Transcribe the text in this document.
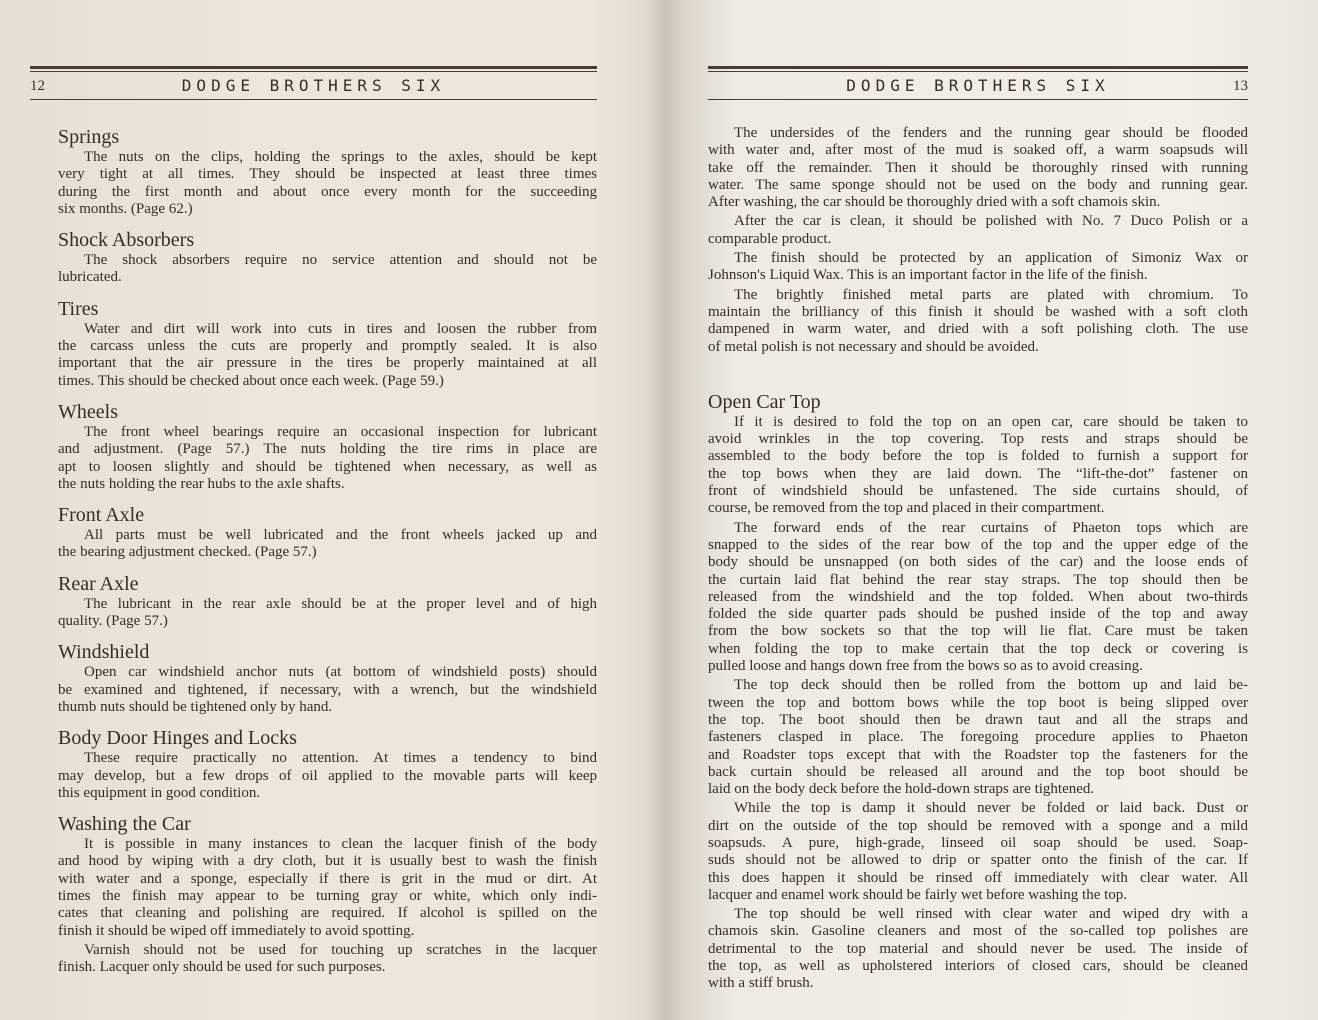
12	DODGE BROTHERS SIX
Springs
The nuts on the clips, holding the springs to the axles, should be kept
very tight at all times. They should be inspected at least three times
during the first month and about once every month for the succeeding
six months. (Page 62.)
Shock Absorbers
The shock absorbers require no service attention and should not be
lubricated.
Tires
Water and dirt will work into cuts in tires and loosen the rubber from
the carcass unless the cuts are properly and promptly sealed. It is also
important that the air pressure in the tires be properly maintained at all
times. This should be checked about once each week. (Page 59.)
Wheels
The front wheel bearings require an occasional inspection for lubricant
and adjustment. (Page 57.) The nuts holding the tire rims in place are
apt to loosen slightly and should be tightened when necessary, as well as
the nuts holding the rear hubs to the axle shafts.
Front Axle
All parts must be well lubricated and the front wheels jacked up and
the bearing adjustment checked. (Page 57.)
Rear Axle
The lubricant in the rear axle should be at the proper level and of high
quality. (Page 57.)
Windshield
Open car windshield anchor nuts (at bottom of windshield posts) should
be examined and tightened, if necessary, with a wrench, but the windshield
thumb nuts should be tightened only by hand.
Body Door Hinges and Locks
These require practically no attention. At times a tendency to bind
may develop, but a few drops of oil applied to the movable parts will keep
this equipment in good condition.
Washing the Car
It is possible in many instances to clean the lacquer finish of the body
and hood by wiping with a dry cloth, but it is usually best to wash the finish
with water and a sponge, especially if there is grit in the mud or dirt. At
times the finish may appear to be turning gray or white, which only indi-
cates that cleaning and polishing are required. If alcohol is spilled on the
finish it should be wiped off immediately to avoid spotting.
Varnish should not be used for touching up scratches in the lacquer
finish. Lacquer only should be used for such purposes.
DODGE BROTHERS SIX	13
The undersides of the fenders and the running gear should be flooded
with water and, after most of the mud is soaked off, a warm soapsuds will
take off the remainder. Then it should be thoroughly rinsed with running
water. The same sponge should not be used on the body and running gear.
After washing, the car should be thoroughly dried with a soft chamois skin.
After the car is clean, it should be polished with No. 7 Duco Polish or a
comparable product.
The finish should be protected by an application of Simoniz Wax or
Johnson's Liquid Wax. This is an important factor in the life of the finish.
The brightly finished metal parts are plated with chromium. To
maintain the brilliancy of this finish it should be washed with a soft cloth
dampened in warm water, and dried with a soft polishing cloth. The use
of metal polish is not necessary and should be avoided.
Open Car Top
If it is desired to fold the top on an open car, care should be taken to
avoid wrinkles in the top covering. Top rests and straps should be
assembled to the body before the top is folded to furnish a support for
the top bows when they are laid down. The “lift-the-dot” fastener on
front of windshield should be unfastened. The side curtains should, of
course, be removed from the top and placed in their compartment.
The forward ends of the rear curtains of Phaeton tops which are
snapped to the sides of the rear bow of the top and the upper edge of the
body should be unsnapped (on both sides of the car) and the loose ends of
the curtain laid flat behind the rear stay straps. The top should then be
released from the windshield and the top folded. When about two-thirds
folded the side quarter pads should be pushed inside of the top and away
from the bow sockets so that the top will lie flat. Care must be taken
when folding the top to make certain that the top deck or covering is
pulled loose and hangs down free from the bows so as to avoid creasing.
The top deck should then be rolled from the bottom up and laid be-
tween the top and bottom bows while the top boot is being slipped over
the top. The boot should then be drawn taut and all the straps and
fasteners clasped in place. The foregoing procedure applies to Phaeton
and Roadster tops except that with the Roadster top the fasteners for the
back curtain should be released all around and the top boot should be
laid on the body deck before the hold-down straps are tightened.
While the top is damp it should never be folded or laid back. Dust or
dirt on the outside of the top should be removed with a sponge and a mild
soapsuds. A pure, high-grade, linseed oil soap should be used. Soap-
suds should not be allowed to drip or spatter onto the finish of the car. If
this does happen it should be rinsed off immediately with clear water. All
lacquer and enamel work should be fairly wet before washing the top.
The top should be well rinsed with clear water and wiped dry with a
chamois skin. Gasoline cleaners and most of the so-called top polishes are
detrimental to the top material and should never be used. The inside of
the top, as well as upholstered interiors of closed cars, should be cleaned
with a stiff brush.
